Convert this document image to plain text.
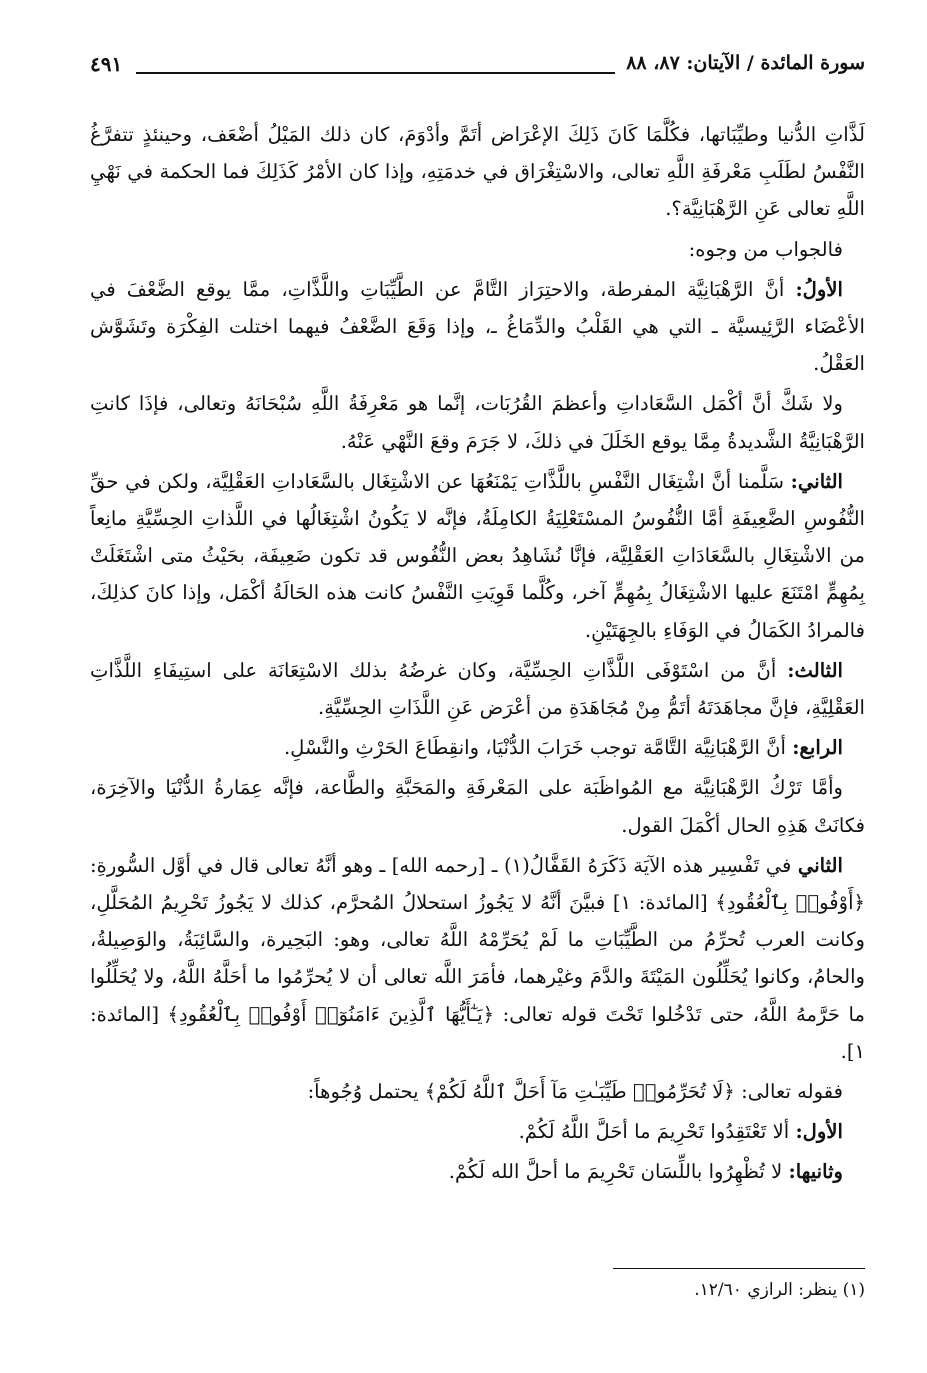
سورة المائدة / الآيتان: ٨٧، ٨٨
٤٩١

لَذَّاتِ الدُّنيا وطيِّبَاتها، فكُلَّمَا كَانَ ذَلِكَ الإعْرَاض أتَمَّ وأدْوَمَ، كان ذلك المَيْلُ أضْعَف، وحينئذٍ تتفرَّغُ النَّفْسُ لطَلَبِ مَعْرفَةِ اللَّهِ تعالى، والاسْتِغْرَاق في خدمَتِهِ، وإذا كان الأمْرُ كَذَلِكَ فما الحكمة في نَهْيِ اللَّهِ تعالى عَنِ الرَّهْبَانِيَّة؟.

فالجواب من وجوه:

الأولُ: أنَّ الرَّهْبَانِيَّة المفرطة، والاحتِرَاز التَّامَّ عن الطَّيِّبَاتِ واللَّذَّاتِ، ممَّا يوقع الضَّعْفَ في الأعْضَاء الرَّئِيسيَّة ـ التي هي القَلْبُ والدِّمَاغُ ـ، وإذا وَقَعَ الضَّعْفُ فيهما اختلت الفِكْرَة وتَشَوَّش العَقْلُ.

ولا شَكَّ أنَّ أكْمَل السَّعَاداتِ وأعظمَ القُرُبَات، إنَّما هو مَعْرِفَةُ اللَّهِ سُبْحَانَهُ وتعالى، فإذَا كانتِ الرَّهْبَانِيَّةُ الشَّديدةُ مِمَّا يوقع الخَلَلَ في ذلكَ، لا جَرَمَ وقعَ النَّهْي عَنْهُ.

الثاني: سَلَّمنا أنَّ اشْتِغَال النَّفْسِ باللَّذَّاتِ يَمْنَعُهَا عن الاشْتِغَال بالسَّعَاداتِ العَقْلِيَّة، ولكن في حقِّ النُّفُوسِ الضَّعِيفَةِ أمَّا النُّفُوسُ المسْتَعْلِيَةُ الكامِلَةُ، فإنَّه لا يَكُونُ اشْتِغَالُها في اللَّذاتِ الحِسِّيَّةِ مانِعاً من الاشْتِغَالِ بالسَّعَادَاتِ العَقْلِيَّة، فإنَّا نُشَاهِدُ بعض النُّفُوس قد تكون ضَعِيفَة، بحَيْثُ متى اشْتَغَلَتْ بِمُهِمٍّ امْتَنَعَ عليها الاشْتِغَالُ بِمُهِمٍّ آخر، وكُلَّما قَوِيَتِ النَّفْسُ كانت هذه الحَالَةُ أكْمَل، وإذا كانَ كذلِكَ، فالمرادُ الكَمَالُ في الوَفَاءِ بالجِهَتَيْنِ.

الثالث: أنَّ من اسْتَوْفَى اللَّذَّاتِ الحِسِّيَّة، وكان غرضُهُ بذلك الاسْتِعَانَة على استِيفَاءِ اللَّذَّاتِ العَقْلِيَّةِ، فإنَّ مجاهَدَتَهُ أتَمُّ مِنْ مُجَاهَدَةِ من أعْرَض عَنِ اللَّذَاتِ الحِسِّيَّةِ.

الرابع: أنَّ الرَّهْبَانِيَّة التَّامَّة توجب خَرَابَ الدُّنْيَا، وانقِطَاعَ الحَرْثِ والنَّسْلِ.

وأمَّا تَرْكُ الرَّهْبَانِيَّة مع المُواظَبَة على المَعْرفَةِ والمَحَبَّةِ والطَّاعة، فإنَّه عِمَارةُ الدُّنْيَا والآخِرَة، فكانَتْ هَذِهِ الحال أكْمَلَ القول.

الثاني في تَفْسِير هذه الآيَة ذَكَرَهُ القَفَّالُ(١) ـ [رحمه الله] ـ وهو أنَّهُ تعالى قال في أوَّل السُّورةِ: ﴿أَوْفُوا۟ بِٱلْعُقُودِ﴾ [المائدة: ١] فبيَّنَ أنَّهُ لا يَجُوزُ استحلالُ المُحرَّم، كذلك لا يَجُوزُ تَحْرِيمُ المُحَلَّلِ، وكانت العرب تُحرِّمُ من الطَّيِّبَاتِ ما لَمْ يُحَرِّمْهُ اللَّهُ تعالى، وهو: البَحِيرة، والسَّائِبَةُ، والوَصِيلةُ، والحامُ، وكانوا يُحَلِّلُون المَيْتَةَ والدَّمَ وغيْرهما، فأمَرَ اللَّه تعالى أن لا يُحرِّمُوا ما أحَلَّهُ اللَّهُ، ولا يُحَلِّلُوا ما حَرَّمهُ اللَّهُ، حتى تَدْخُلوا تَحْتَ قوله تعالى: ﴿يَـٰٓأَيُّهَا ٱلَّذِينَ ءَامَنُوٓا۟ أَوْفُوا۟ بِٱلْعُقُودِ﴾ [المائدة: ١].

فقوله تعالى: ﴿لَا تُحَرِّمُوا۟ طَيِّبَـٰتِ مَآ أَحَلَّ ٱللَّهُ لَكُمْ﴾ يحتمل وُجُوهاً:

الأول: ألا تَعْتَقِدُوا تَحْرِيمَ ما أحَلَّ اللَّهُ لَكُمْ.

وثانيها: لا تُظْهِرُوا باللِّسَان تَحْرِيمَ ما أحلَّ الله لَكُمْ.

(١) ينظر: الرازي ١٢/٦٠.
